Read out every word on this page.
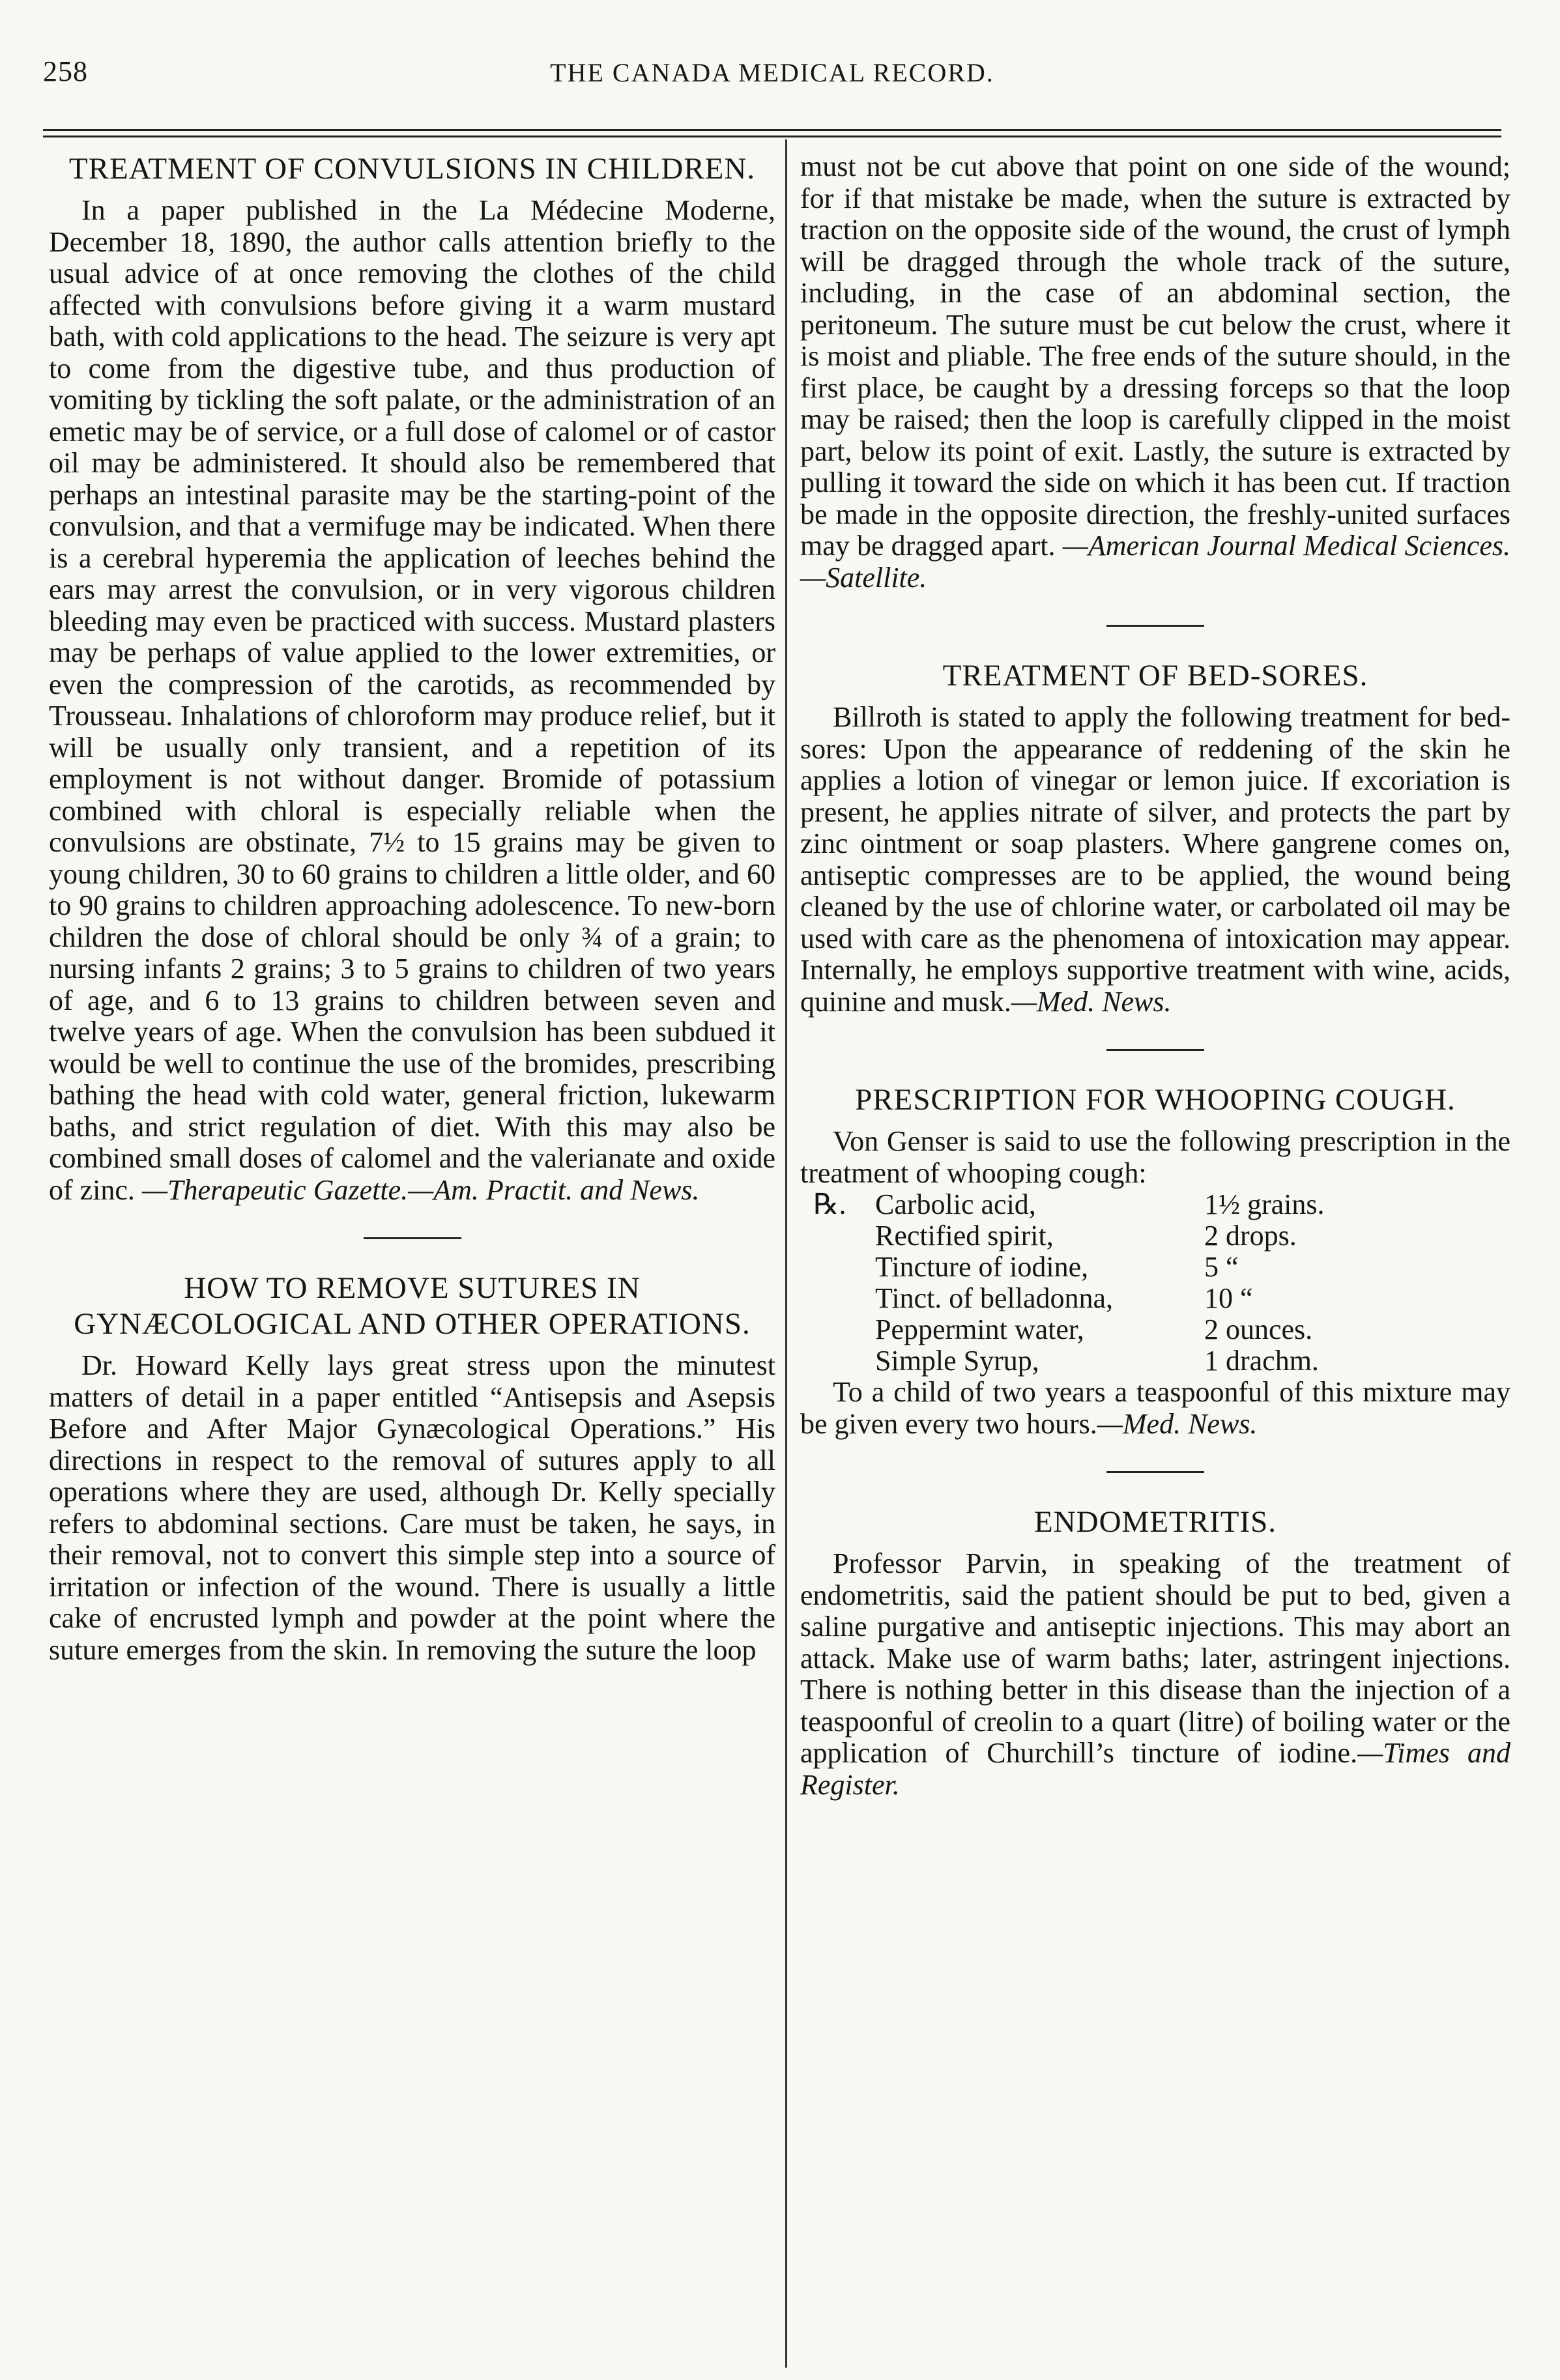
258	THE CANADA MEDICAL RECORD.
TREATMENT OF CONVULSIONS IN CHILDREN.

In a paper published in the La Médecine Moderne, December 18, 1890, the author calls attention briefly to the usual advice of at once removing the clothes of the child affected with convulsions before giving it a warm mustard bath, with cold applications to the head. The seizure is very apt to come from the digestive tube, and thus production of vomiting by tickling the soft palate, or the administration of an emetic may be of service, or a full dose of calomel or of castor oil may be administered. It should also be remembered that perhaps an intestinal parasite may be the starting-point of the convulsion, and that a vermifuge may be indicated. When there is a cerebral hyperemia the application of leeches behind the ears may arrest the convulsion, or in very vigorous children bleeding may even be practiced with success. Mustard plasters may be perhaps of value applied to the lower extremities, or even the compression of the carotids, as recommended by Trousseau. Inhalations of chloroform may produce relief, but it will be usually only transient, and a repetition of its employment is not without danger. Bromide of potassium combined with chloral is especially reliable when the convulsions are obstinate, 7½ to 15 grains may be given to young children, 30 to 60 grains to children a little older, and 60 to 90 grains to children approaching adolescence. To new-born children the dose of chloral should be only ¾ of a grain; to nursing infants 2 grains; 3 to 5 grains to children of two years of age, and 6 to 13 grains to children between seven and twelve years of age. When the convulsion has been subdued it would be well to continue the use of the bromides, prescribing bathing the head with cold water, general friction, lukewarm baths, and strict regulation of diet. With this may also be combined small doses of calomel and the valerianate and oxide of zinc. —Therapeutic Gazette.—Am. Practit. and News.

HOW TO REMOVE SUTURES IN GYNÆCOLOGICAL AND OTHER OPERATIONS.

Dr. Howard Kelly lays great stress upon the minutest matters of detail in a paper entitled “Antisepsis and Asepsis Before and After Major Gynæcological Operations.” His directions in respect to the removal of sutures apply to all operations where they are used, although Dr. Kelly specially refers to abdominal sections. Care must be taken, he says, in their removal, not to convert this simple step into a source of irritation or infection of the wound. There is usually a little cake of encrusted lymph and powder at the point where the suture emerges from the skin. In removing the suture the loop

must not be cut above that point on one side of the wound; for if that mistake be made, when the suture is extracted by traction on the opposite side of the wound, the crust of lymph will be dragged through the whole track of the suture, including, in the case of an abdominal section, the peritoneum. The suture must be cut below the crust, where it is moist and pliable. The free ends of the suture should, in the first place, be caught by a dressing forceps so that the loop may be raised; then the loop is carefully clipped in the moist part, below its point of exit. Lastly, the suture is extracted by pulling it toward the side on which it has been cut. If traction be made in the opposite direction, the freshly-united surfaces may be dragged apart. —American Journal Medical Sciences.—Satellite.

TREATMENT OF BED-SORES.

Billroth is stated to apply the following treatment for bed-sores: Upon the appearance of reddening of the skin he applies a lotion of vinegar or lemon juice. If excoriation is present, he applies nitrate of silver, and protects the part by zinc ointment or soap plasters. Where gangrene comes on, antiseptic compresses are to be applied, the wound being cleaned by the use of chlorine water, or carbolated oil may be used with care as the phenomena of intoxication may appear. Internally, he employs supportive treatment with wine, acids, quinine and musk.—Med. News.

PRESCRIPTION FOR WHOOPING COUGH.

Von Genser is said to use the following prescription in the treatment of whooping cough:

℞.	Carbolic acid,	1½ grains.
	Rectified spirit,	2 drops.
	Tincture of iodine,	5 “
	Tinct. of belladonna,	10 “
	Peppermint water,	2 ounces.
	Simple Syrup,	1 drachm.

To a child of two years a teaspoonful of this mixture may be given every two hours.—Med. News.

ENDOMETRITIS.

Professor Parvin, in speaking of the treatment of endometritis, said the patient should be put to bed, given a saline purgative and antiseptic injections. This may abort an attack. Make use of warm baths; later, astringent injections. There is nothing better in this disease than the injection of a teaspoonful of creolin to a quart (litre) of boiling water or the application of Churchill’s tincture of iodine.—Times and Register.
